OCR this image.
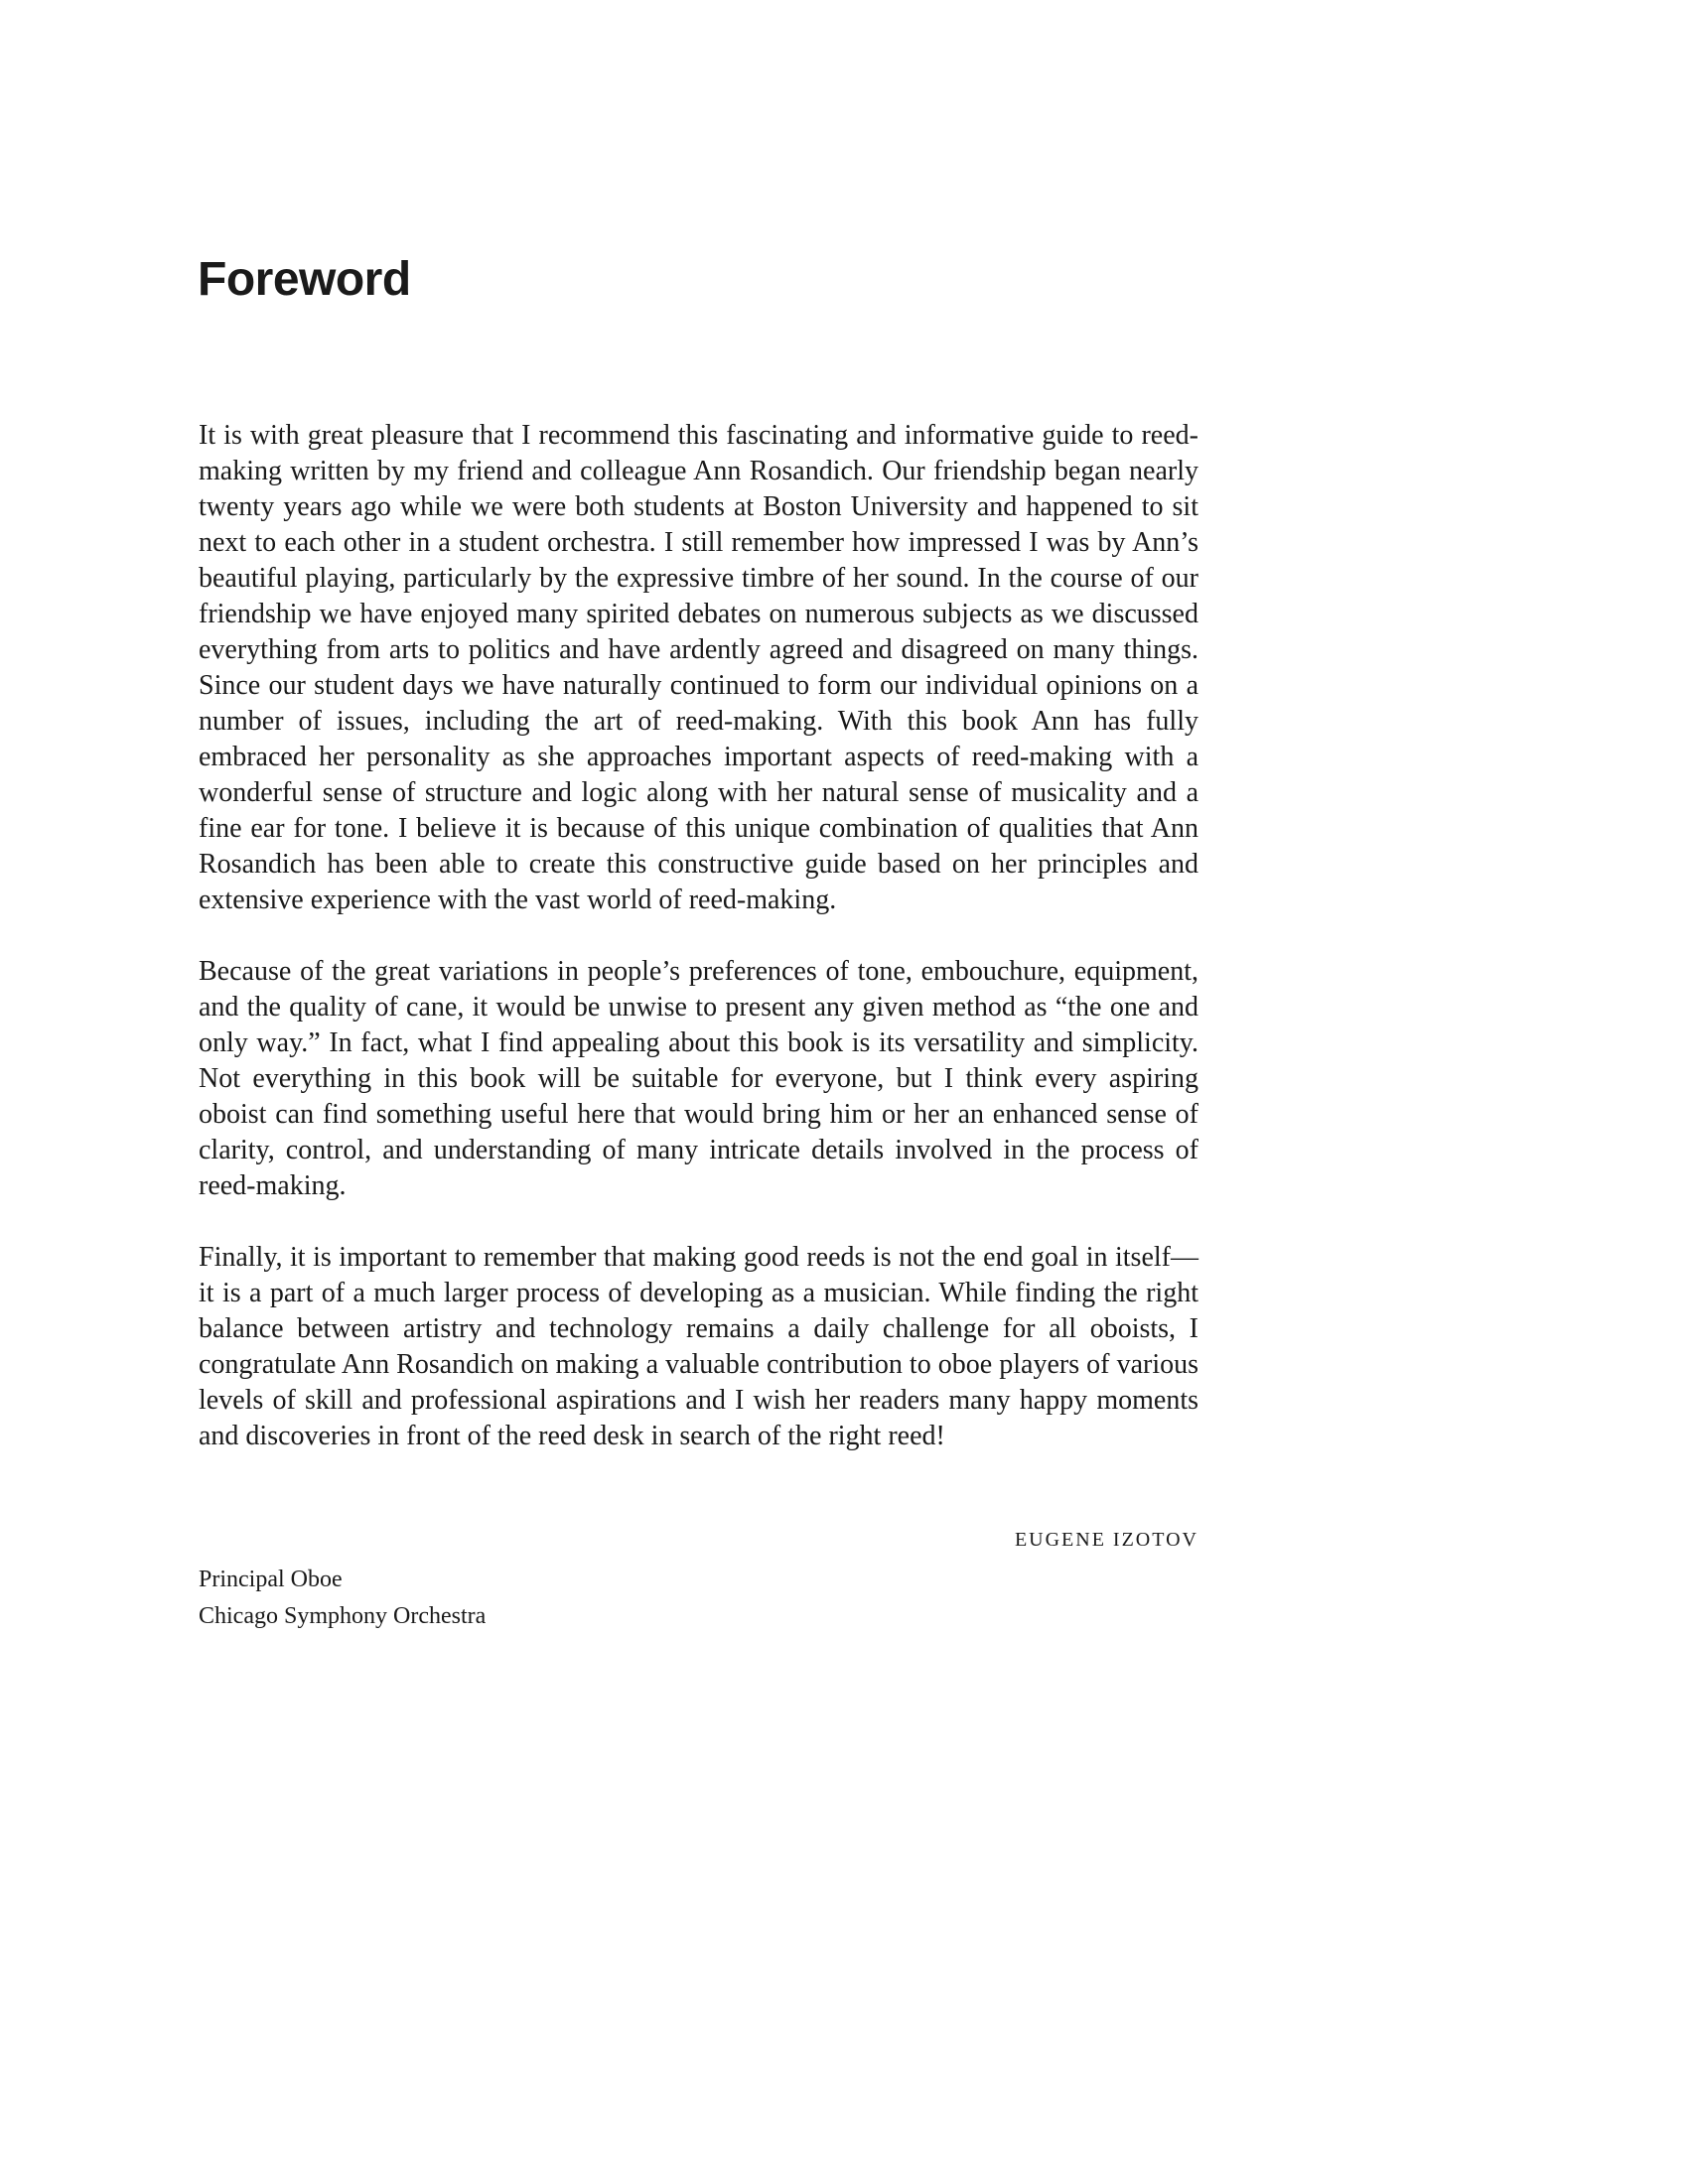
Foreword

It is with great pleasure that I recommend this fascinating and informative guide to reed-making written by my friend and colleague Ann Rosandich. Our friendship began nearly twenty years ago while we were both students at Boston University and happened to sit next to each other in a student orchestra. I still remember how impressed I was by Ann’s beautiful playing, particularly by the expressive timbre of her sound. In the course of our friendship we have enjoyed many spirited debates on numerous subjects as we discussed everything from arts to politics and have ardently agreed and disagreed on many things. Since our student days we have naturally continued to form our individual opinions on a number of issues, including the art of reed-making. With this book Ann has fully embraced her personality as she approaches important aspects of reed-making with a wonderful sense of structure and logic along with her natural sense of musicality and a fine ear for tone. I believe it is because of this unique combination of qualities that Ann Rosandich has been able to create this constructive guide based on her principles and extensive experience with the vast world of reed-making.

Because of the great variations in people’s preferences of tone, embouchure, equipment, and the quality of cane, it would be unwise to present any given method as “the one and only way.” In fact, what I find appealing about this book is its versatility and simplicity. Not everything in this book will be suitable for everyone, but I think every aspiring oboist can find something useful here that would bring him or her an enhanced sense of clarity, control, and understanding of many intricate details involved in the process of reed-making.

Finally, it is important to remember that making good reeds is not the end goal in itself—it is a part of a much larger process of developing as a musician. While finding the right balance between artistry and technology remains a daily challenge for all oboists, I congratulate Ann Rosandich on making a valuable contribution to oboe players of various levels of skill and professional aspirations and I wish her readers many happy moments and discoveries in front of the reed desk in search of the right reed!

EUGENE IZOTOV
Principal Oboe
Chicago Symphony Orchestra
